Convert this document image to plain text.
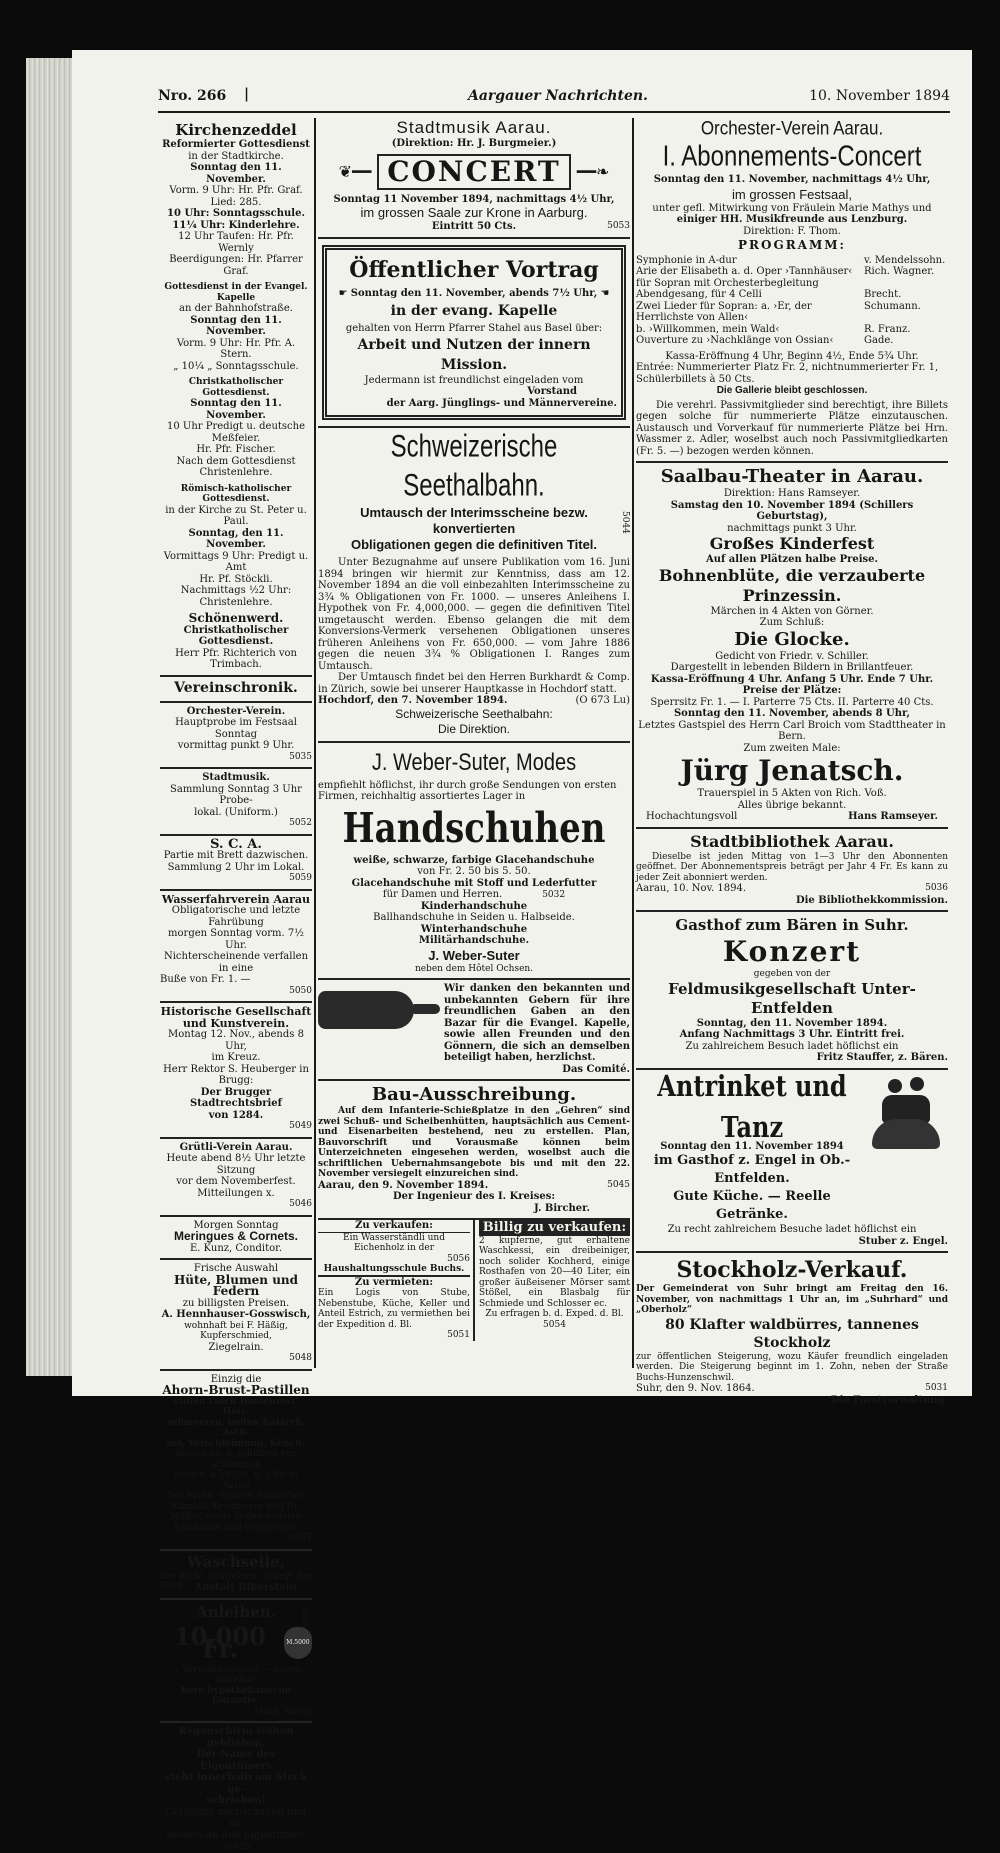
Nro. 266 |	Aargauer Nachrichten.	10. November 1894
Kirchenzeddel
Reformierter Gottesdienst
in der Stadtkirche.
Sonntag den 11. November.
Vorm. 9 Uhr: Hr. Pfr. Graf.
Lied: 285.
10 Uhr: Sonntagsschule.
11¼ Uhr: Kinderlehre.
12 Uhr Taufen: Hr. Pfr. Wernly
Beerdigungen: Hr. Pfarrer Graf.
Gottesdienst in der Evangel. Kapelle
an der Bahnhofstraße.
Sonntag den 11. November.
Vorm. 9 Uhr: Hr. Pfr. A. Stern.
„ 10¼ „ Sonntagsschule.
Christkatholischer Gottesdienst.
Sonntag den 11. November.
10 Uhr Predigt u. deutsche Meßfeier.
Hr. Pfr. Fischer.
Nach dem Gottesdienst Christenlehre.
Römisch-katholischer Gottesdienst.
in der Kirche zu St. Peter u. Paul.
Sonntag, den 11. November.
Vormittags 9 Uhr: Predigt u. Amt
Hr. Pf. Stöckli.
Nachmittags ½2 Uhr: Christenlehre.
Schönenwerd.
Christkatholischer Gottesdienst.
Herr Pfr. Richterich von Trimbach.
Vereinschronik.
Orchester-Verein.
Hauptprobe im Festsaal Sonntag
vormittag punkt 9 Uhr.
5035
Stadtmusik.
Sammlung Sonntag 3 Uhr Probe-
lokal. (Uniform.)
5052
S. C. A.
Partie mit Brett dazwischen.
Sammlung 2 Uhr im Lokal.
5059
Wasserfahrverein Aarau
Obligatorische und letzte Fahrübung
morgen Sonntag vorm. 7½ Uhr.
Nichterscheinende verfallen in eine
Buße von Fr. 1. —
5050
Historische Gesellschaft
und Kunstverein.
Montag 12. Nov., abends 8 Uhr,
im Kreuz.
Herr Rektor S. Heuberger in Brugg:
Der Brugger Stadtrechtsbrief
von 1284.
5049
Grütli-Verein Aarau.
Heute abend 8½ Uhr letzte Sitzung
vor dem Novemberfest.
Mitteilungen x.
5046
Morgen Sonntag
Meringues & Cornets.
E. Kunz, Conditor.
Frische Auswahl
Hüte, Blumen und Federn
zu billigsten Preisen.
A. Hennhauser-Gosswisch,
wohnhaft bei F. Häßig, Kupferschmied,
Ziegelrain.
5048
Einzig die
Ahorn-Brust-Pastillen
stillen rasch Hustenreiz, Hals-
schmerzen, heilen Katarrh, Asth-
ma, Verschleimung, Keuch-
husten ec. u. schützen vor schlimmen
Folgen. à 50 Cts. u. 1 Fr. in Aarau
bei Apoth. Wydler; Baden bei
Kamblik-Kronmeyer und Dr.
Müller, sowie in den meisten
Apotheken und Droguerien.
5047
Waschseile,
die nicht ausgehen, liefert die
5058 Anstalt Biberstein.
Anleihen.	5060
10,000 Fr.	M.5000
— Verwaltungsgeld — gegen annehm-
bare hypothekarische Garantie.
Merz, Notar.
Regenschirm stehen geblieben.
Der Name des Eigentümers
steht innerhalb am Stock ge-
schrieben!
Gefälligst nachschauen und zu-
senden an den Eigentümer. 5042b
Stadtmusik Aarau.
(Direktion: Hr. J. Burgmeier.)
❦━━ CONCERT	━━❧
Sonntag 11 November 1894, nachmittags 4½ Uhr,
im grossen Saale zur Krone in Aarburg.
Eintritt 50 Cts.	5053
Öffentlicher Vortrag
☛ Sonntag den 11. November, abends 7½ Uhr, ☚
in der evang. Kapelle
gehalten von Herrn Pfarrer Stahel aus Basel über:
Arbeit und Nutzen der innern Mission.
Jedermann ist freundlichst eingeladen vom
Vorstand
der Aarg. Jünglings- und Männervereine.
Schweizerische Seethalbahn.
Umtausch der Interimsscheine bezw. konvertierten
Obligationen gegen die definitiven Titel.
5044
Unter Bezugnahme auf unsere Publikation vom 16. Juni 1894 bringen wir hiermit zur Kenntniss, dass am 12. November 1894 an die voll einbezahlten Interimsscheine zu 3¾ % Obligationen von Fr. 1000. — unseres Anleihens I. Hypothek von Fr. 4,000,000. — gegen die definitiven Titel umgetauscht werden. Ebenso gelangen die mit dem Konversions-Vermerk versehenen Obligationen unseres früheren Anleihens von Fr. 650,000. — vom Jahre 1886 gegen die neuen 3¾ % Obligationen I. Ranges zum Umtausch.
Der Umtausch findet bei den Herren Burkhardt & Comp. in Zürich, sowie bei unserer Hauptkasse in Hochdorf statt.
Hochdorf, den 7. November 1894.	(O 673 Lu)
Schweizerische Seethalbahn:
Die Direktion.
J. Weber-Suter, Modes
empfiehlt höflichst, ihr durch große Sendungen von ersten Firmen, reichhaltig assortiertes Lager in
Handschuhen
weiße, schwarze, farbige Glacehandschuhe
von Fr. 2. 50 bis 5. 50.
Glacehandschuhe mit Stoff und Lederfutter
für Damen und Herren.	5032
Kinderhandschuhe
Ballhandschuhe in Seiden u. Halbseide.
Winterhandschuhe
Militärhandschuhe.
J. Weber-Suter
neben dem Hôtel Ochsen.
Wir danken den bekannten und unbekannten Gebern für ihre freundlichen Gaben an den Bazar für die Evangel. Kapelle, sowie allen Freunden und den Gönnern, die sich an demselben beteiligt haben, herzlichst.
Das Comité.
Bau-Ausschreibung.
Auf dem Infanterie-Schießplatze in den „Gehren“ sind zwei Schuß- und Scheibenhütten, hauptsächlich aus Cement- und Eisenarbeiten bestehend, neu zu erstellen. Plan, Bauvorschrift und Vorausmaße können beim Unterzeichneten eingesehen werden, woselbst auch die schriftlichen Uebernahmsangebote bis und mit den 22. November versiegelt einzureichen sind.
Aarau, den 9. November 1894.	5045
Der Ingenieur des I. Kreises:
J. Bircher.
Zu verkaufen:
Ein Wasserständli und Eichenholz in der
5056
Haushaltungsschule Buchs.
Zu vermieten:
Ein Logis von Stube, Nebenstube, Küche, Keller und Anteil Estrich, zu vermiethen bei der Expedition d. Bl.
5051
Billig zu verkaufen:
2 kupferne, gut erhaltene Waschkessi, ein dreibeiniger, noch solider Kochherd, einige Rosthafen von 20—40 Liter, ein großer äußeisener Mörser samt Stößel, ein Blasbalg für Schmiede und Schlosser ec.
Zu erfragen b. d. Exped. d. Bl. 5054
Orchester-Verein Aarau.
I. Abonnements-Concert
Sonntag den 11. November, nachmittags 4½ Uhr,
im grossen Festsaal,
unter gefl. Mitwirkung von Fräulein Marie Mathys und
einiger HH. Musikfreunde aus Lenzburg.
Direktion: F. Thom.
PROGRAMM:
Symphonie in A-dur	v. Mendelssohn.
Arie der Elisabeth a. d. Oper ›Tannhäuser‹ für Sopran mit Orchesterbegleitung	Rich. Wagner.
Abendgesang, für 4 Celli	Brecht.
Zwei Lieder für Sopran: a. ›Er, der Herrlichste von Allen‹	Schumann.
b. ›Willkommen, mein Wald‹	R. Franz.
Ouverture zu ›Nachklänge von Ossian‹	Gade.
Kassa-Eröffnung 4 Uhr, Beginn 4½, Ende 5¾ Uhr.
Entrée: Nummerierter Platz Fr. 2, nichtnummerierter Fr. 1, Schülerbillets à 50 Cts.
Die Gallerie bleibt geschlossen.
Die verehrl. Passivmitglieder sind berechtigt, ihre Billets gegen solche für nummerierte Plätze einzutauschen. Austausch und Vorverkauf für nummerierte Plätze bei Hrn. Wassmer z. Adler, woselbst auch noch Passivmitgliedkarten (Fr. 5. —) bezogen werden können.
Saalbau-Theater in Aarau.
Direktion: Hans Ramseyer.
Samstag den 10. November 1894 (Schillers Geburtstag),
nachmittags punkt 3 Uhr.
Großes Kinderfest
Auf allen Plätzen halbe Preise.
Bohnenblüte, die verzauberte Prinzessin.
Märchen in 4 Akten von Görner.
Zum Schluß:
Die Glocke.
Gedicht von Friedr. v. Schiller.
Dargestellt in lebenden Bildern in Brillantfeuer.
Kassa-Eröffnung 4 Uhr. Anfang 5 Uhr. Ende 7 Uhr.
Preise der Plätze:
Sperrsitz Fr. 1. — I. Parterre 75 Cts. II. Parterre 40 Cts.
Sonntag den 11. November, abends 8 Uhr,
Letztes Gastspiel des Herrn Carl Broich vom Stadttheater in Bern.
Zum zweiten Male:
Jürg Jenatsch.
Trauerspiel in 5 Akten von Rich. Voß.
Alles übrige bekannt.
Hochachtungsvoll	Hans Ramseyer.
Stadtbibliothek Aarau.
Dieselbe ist jeden Mittag von 1—3 Uhr den Abonnenten geöffnet. Der Abonnementspreis beträgt per Jahr 4 Fr. Es kann zu jeder Zeit abonniert werden.
Aarau, 10. Nov. 1894.	5036
Die Bibliothekkommission.
Gasthof zum Bären in Suhr.
Konzert
gegeben von der
Feldmusikgesellschaft Unter-Entfelden
Sonntag, den 11. November 1894.
Anfang Nachmittags 3 Uhr. Eintritt frei.
Zu zahlreichem Besuch ladet höflichst ein
Fritz Stauffer, z. Bären.
Antrinket und Tanz
Sonntag den 11. November 1894
im Gasthof z. Engel in Ob.-Entfelden.
Gute Küche. — Reelle Getränke.
Zu recht zahlreichem Besuche ladet höflichst ein
Stuber z. Engel.
Stockholz-Verkauf.
Der Gemeinderat von Suhr bringt am Freitag den 16. November, von nachmittags 1 Uhr an, im „Suhrhard“ und „Oberholz“
80 Klafter waldbürres, tannenes Stockholz
zur öffentlichen Steigerung, wozu Käufer freundlich eingeladen werden. Die Steigerung beginnt im 1. Zohn, neben der Straße Buchs-Hunzenschwil.
Suhr, den 9. Nov. 1864.	5031
Die Forstverwaltung.
